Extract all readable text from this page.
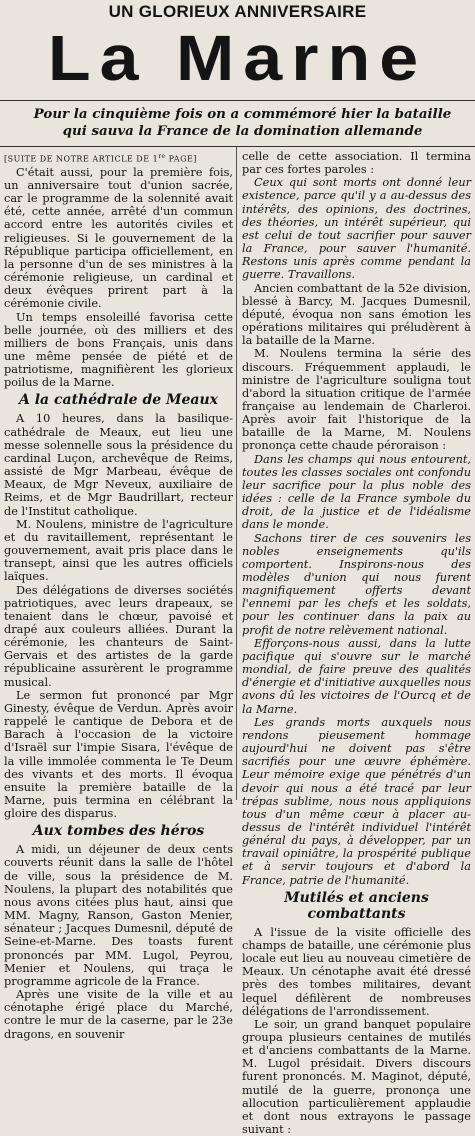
UN GLORIEUX ANNIVERSAIRE
La Marne
Pour la cinquième fois on a commémoré hier la bataille
qui sauva la France de la domination allemande

[SUITE DE NOTRE ARTICLE DE 1re PAGE]

C'était aussi, pour la première fois, un anniversaire tout d'union sacrée, car le programme de la solennité avait été, cette année, arrêté d'un commun accord entre les autorités civiles et religieuses. Si le gouvernement de la République participa officiellement, en la personne d'un de ses ministres à la cérémonie religieuse, un cardinal et deux évêques prirent part à la cérémonie civile.

Un temps ensoleillé favorisa cette belle journée, où des milliers et des milliers de bons Français, unis dans une même pensée de piété et de patriotisme, magnifièrent les glorieux poilus de la Marne.

A la cathédrale de Meaux

A 10 heures, dans la basilique-cathédrale de Meaux, eut lieu une messe solennelle sous la présidence du cardinal Luçon, archevêque de Reims, assisté de Mgr Marbeau, évêque de Meaux, de Mgr Neveux, auxiliaire de Reims, et de Mgr Baudrillart, recteur de l'Institut catholique.

M. Noulens, ministre de l'agriculture et du ravitaillement, représentant le gouvernement, avait pris place dans le transept, ainsi que les autres officiels laïques.

Des délégations de diverses sociétés patriotiques, avec leurs drapeaux, se tenaient dans le chœur, pavoisé et drapé aux couleurs alliées. Durant la cérémonie, les chanteurs de Saint-Gervais et des artistes de la garde républicaine assurèrent le programme musical.

Le sermon fut prononcé par Mgr Ginesty, évêque de Verdun. Après avoir rappelé le cantique de Debora et de Barach à l'occasion de la victoire d'Israël sur l'impie Sisara, l'évêque de la ville immolée commenta le Te Deum des vivants et des morts. Il évoqua ensuite la première bataille de la Marne, puis termina en célébrant la gloire des disparus.

Aux tombes des héros

A midi, un déjeuner de deux cents couverts réunit dans la salle de l'hôtel de ville, sous la présidence de M. Noulens, la plupart des notabilités que nous avons citées plus haut, ainsi que MM. Magny, Ranson, Gaston Menier, sénateur ; Jacques Dumesnil, député de Seine-et-Marne. Des toasts furent prononcés par MM. Lugol, Peyrou, Menier et Noulens, qui traça le programme agricole de la France.

Après une visite de la ville et au cénotaphe érigé place du Marché, contre le mur de la caserne, par le 23e dragons, en souvenir

celle de cette association. Il termina par ces fortes paroles :

Ceux qui sont morts ont donné leur existence, parce qu'il y a au-dessus des intérêts, des opinions, des doctrines, des théories, un intérêt supérieur, qui est celui de tout sacrifier pour sauver la France, pour sauver l'humanité. Restons unis après comme pendant la guerre. Travaillons.

Ancien combattant de la 52e division, blessé à Barcy, M. Jacques Dumesnil, député, évoqua non sans émotion les opérations militaires qui préludèrent à la bataille de la Marne.

M. Noulens termina la série des discours. Fréquemment applaudi, le ministre de l'agriculture souligna tout d'abord la situation critique de l'armée française au lendemain de Charleroi. Après avoir fait l'historique de la bataille de la Marne, M. Noulens prononça cette chaude péroraison :

Dans les champs qui nous entourent, toutes les classes sociales ont confondu leur sacrifice pour la plus noble des idées : celle de la France symbole du droit, de la justice et de l'idéalisme dans le monde.

Sachons tirer de ces souvenirs les nobles enseignements qu'ils comportent. Inspirons-nous des modèles d'union qui nous furent magnifiquement offerts devant l'ennemi par les chefs et les soldats, pour les continuer dans la paix au profit de notre relèvement national.

Efforçons-nous aussi, dans la lutte pacifique qui s'ouvre sur le marché mondial, de faire preuve des qualités d'énergie et d'initiative auxquelles nous avons dû les victoires de l'Ourcq et de la Marne.

Les grands morts auxquels nous rendons pieusement hommage aujourd'hui ne doivent pas s'être sacrifiés pour une œuvre éphémère. Leur mémoire exige que pénétrés d'un devoir qui nous a été tracé par leur trépas sublime, nous nous appliquions tous d'un même cœur à placer au-dessus de l'intérêt individuel l'intérêt général du pays, à développer, par un travail opiniâtre, la prospérité publique et à servir toujours et d'abord la France, patrie de l'humanité.

Mutilés et anciens combattants

A l'issue de la visite officielle des champs de bataille, une cérémonie plus locale eut lieu au nouveau cimetière de Meaux. Un cénotaphe avait été dressé près des tombes militaires, devant lequel défilèrent de nombreuses délégations de l'arrondissement.

Le soir, un grand banquet populaire groupa plusieurs centaines de mutilés et d'anciens combattants de la Marne. M. Lugol présidait. Divers discours furent prononcés. M. Maginot, député, mutilé de la guerre, prononça une allocution particulièrement applaudie et dont nous extrayons le passage suivant :
